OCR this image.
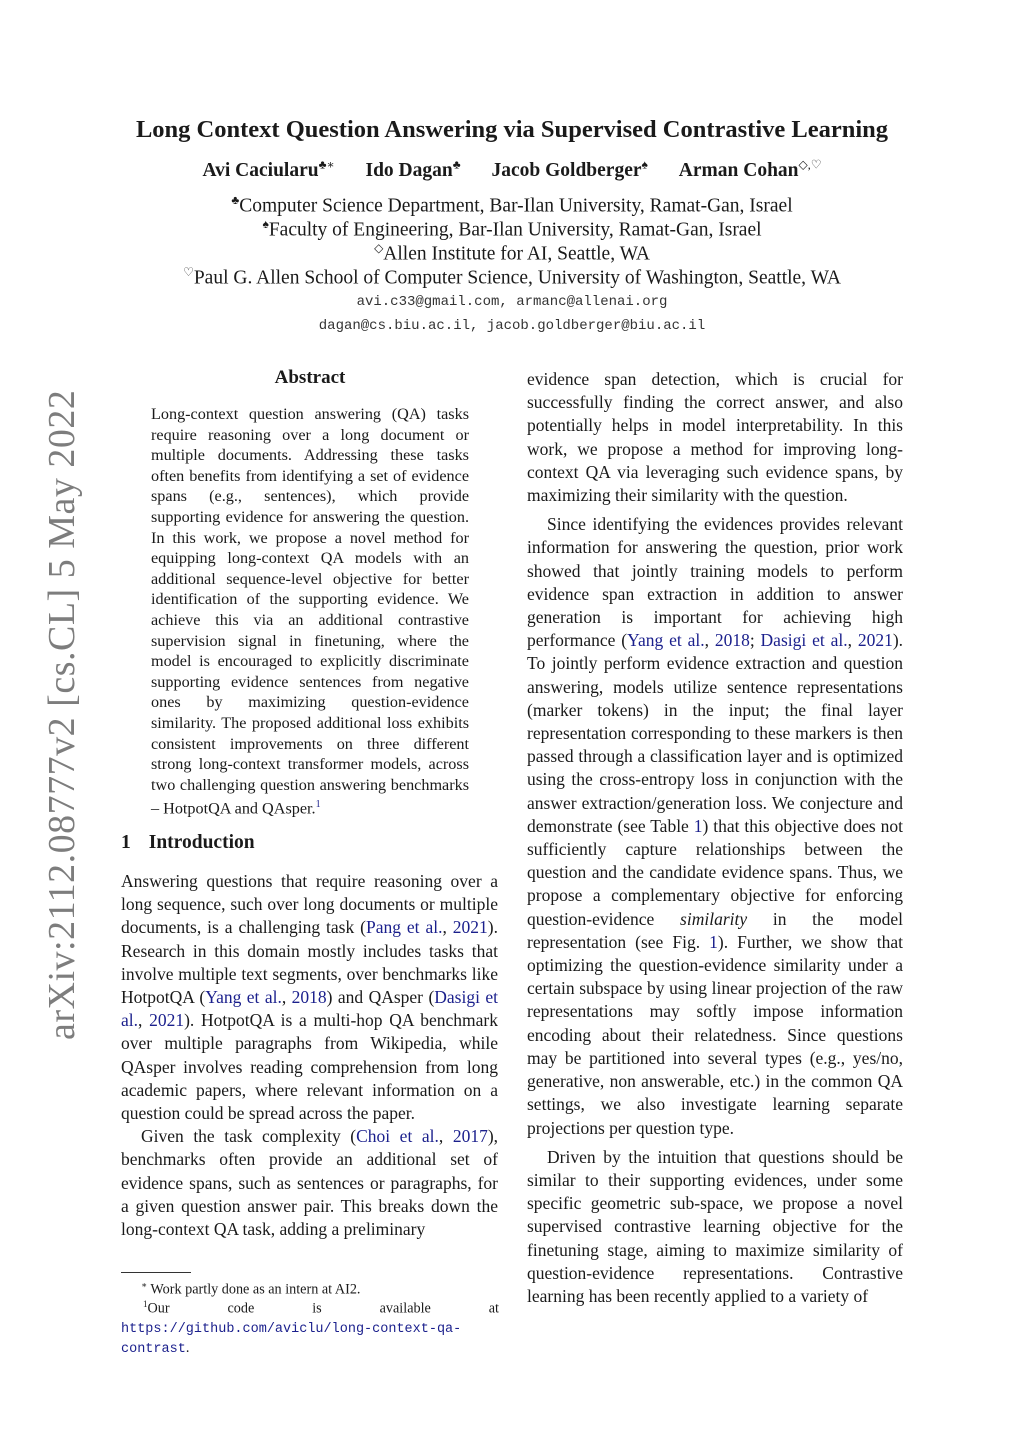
arXiv:2112.08777v2 [cs.CL] 5 May 2022
Long Context Question Answering via Supervised Contrastive Learning
Avi Caciularu♣∗ Ido Dagan♣ Jacob Goldberger♠ Arman Cohan◇,♡
♣Computer Science Department, Bar-Ilan University, Ramat-Gan, Israel
♠Faculty of Engineering, Bar-Ilan University, Ramat-Gan, Israel
◇Allen Institute for AI, Seattle, WA
♡Paul G. Allen School of Computer Science, University of Washington, Seattle, WA
avi.c33@gmail.com, armanc@allenai.org
dagan@cs.biu.ac.il, jacob.goldberger@biu.ac.il
Abstract
Long-context question answering (QA) tasks require reasoning over a long document or multiple documents. Addressing these tasks often benefits from identifying a set of evidence spans (e.g., sentences), which provide supporting evidence for answering the question. In this work, we propose a novel method for equipping long-context QA models with an additional sequence-level objective for better identification of the supporting evidence. We achieve this via an additional contrastive supervision signal in finetuning, where the model is encouraged to explicitly discriminate supporting evidence sentences from negative ones by maximizing question-evidence similarity. The proposed additional loss exhibits consistent improvements on three different strong long-context transformer models, across two challenging question answering benchmarks – HotpotQA and QAsper.$^1$
1 Introduction

Answering questions that require reasoning over a long sequence, such over long documents or multiple documents, is a challenging task (Pang et al., 2021). Research in this domain mostly includes tasks that involve multiple text segments, over benchmarks like HotpotQA (Yang et al., 2018) and QAsper (Dasigi et al., 2021). HotpotQA is a multi-hop QA benchmark over multiple paragraphs from Wikipedia, while QAsper involves reading comprehension from long academic papers, where relevant information on a question could be spread across the paper.

Given the task complexity (Choi et al., 2017), benchmarks often provide an additional set of evidence spans, such as sentences or paragraphs, for a given question answer pair. This breaks down the long-context QA task, adding a preliminary

∗ Work partly done as an intern at AI2.
$^1$Our code is available at https://github.com/aviclu/long-context-qa-contrast.

evidence span detection, which is crucial for successfully finding the correct answer, and also potentially helps in model interpretability. In this work, we propose a method for improving long-context QA via leveraging such evidence spans, by maximizing their similarity with the question.

Since identifying the evidences provides relevant information for answering the question, prior work showed that jointly training models to perform evidence span extraction in addition to answer generation is important for achieving high performance (Yang et al., 2018; Dasigi et al., 2021). To jointly perform evidence extraction and question answering, models utilize sentence representations (marker tokens) in the input; the final layer representation corresponding to these markers is then passed through a classification layer and is optimized using the cross-entropy loss in conjunction with the answer extraction/generation loss. We conjecture and demonstrate (see Table 1) that this objective does not sufficiently capture relationships between the question and the candidate evidence spans. Thus, we propose a complementary objective for enforcing question-evidence similarity in the model representation (see Fig. 1). Further, we show that optimizing the question-evidence similarity under a certain subspace by using linear projection of the raw representations may softly impose information encoding about their relatedness. Since questions may be partitioned into several types (e.g., yes/no, generative, non answerable, etc.) in the common QA settings, we also investigate learning separate projections per question type.

Driven by the intuition that questions should be similar to their supporting evidences, under some specific geometric sub-space, we propose a novel supervised contrastive learning objective for the finetuning stage, aiming to maximize similarity of question-evidence representations. Contrastive learning has been recently applied to a variety of
